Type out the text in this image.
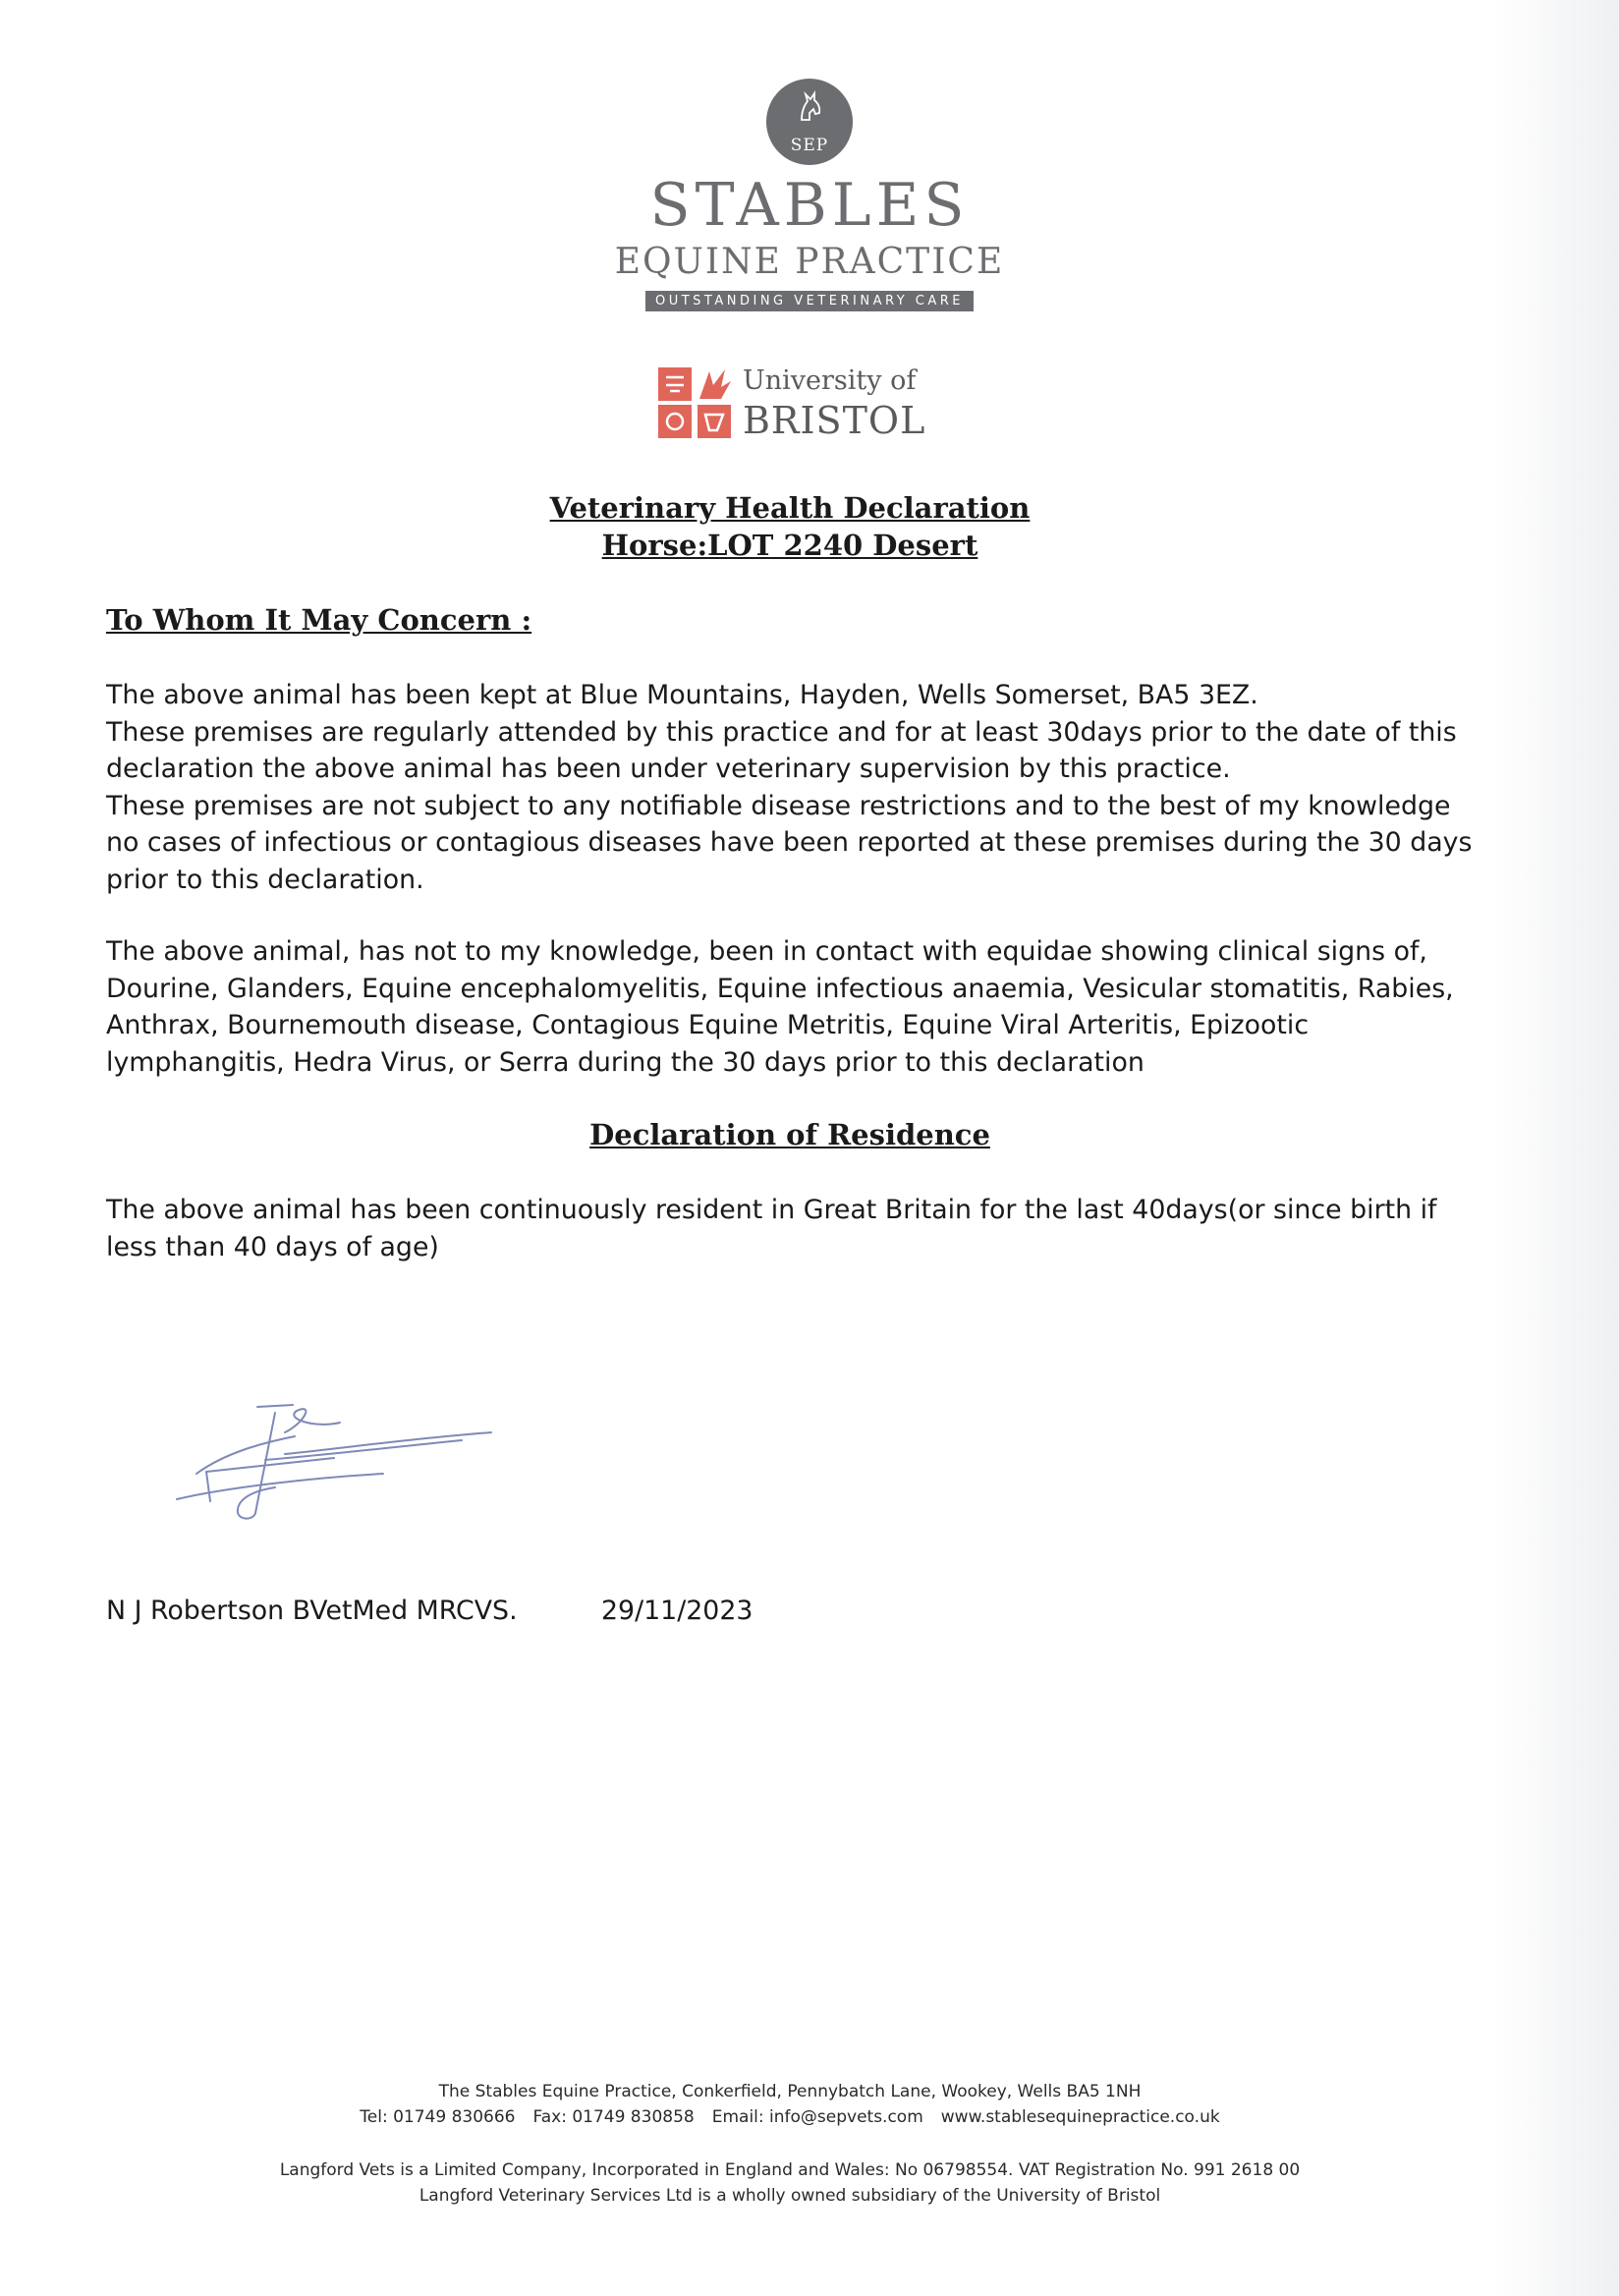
SEP
STABLES
EQUINE PRACTICE
OUTSTANDING VETERINARY CARE
University of
BRISTOL
Veterinary Health Declaration
Horse:LOT 2240 Desert
To Whom It May Concern :

The above animal has been kept at Blue Mountains, Hayden, Wells Somerset, BA5 3EZ.

These premises are regularly attended by this practice and for at least 30days prior to the date of this

declaration the above animal has been under veterinary supervision by this practice.

These premises are not subject to any notifiable disease restrictions and to the best of my knowledge

no cases of infectious or contagious diseases have been reported at these premises during the 30 days

prior to this declaration.

The above animal, has not to my knowledge, been in contact with equidae showing clinical signs of,

Dourine, Glanders, Equine encephalomyelitis, Equine infectious anaemia, Vesicular stomatitis, Rabies,

Anthrax, Bournemouth disease, Contagious Equine Metritis, Equine Viral Arteritis, Epizootic

lymphangitis, Hedra Virus, or Serra during the 30 days prior to this declaration

Declaration of Residence

The above animal has been continuously resident in Great Britain for the last 40days(or since birth if

less than 40 days of age)

N J Robertson BVetMed MRCVS.	29/11/2023

The Stables Equine Practice, Conkerfield, Pennybatch Lane, Wookey, Wells BA5 1NH

Tel: 01749 830666 Fax: 01749 830858 Email: info@sepvets.com www.stablesequinepractice.co.uk

Langford Vets is a Limited Company, Incorporated in England and Wales: No 06798554. VAT Registration No. 991 2618 00

Langford Veterinary Services Ltd is a wholly owned subsidiary of the University of Bristol
